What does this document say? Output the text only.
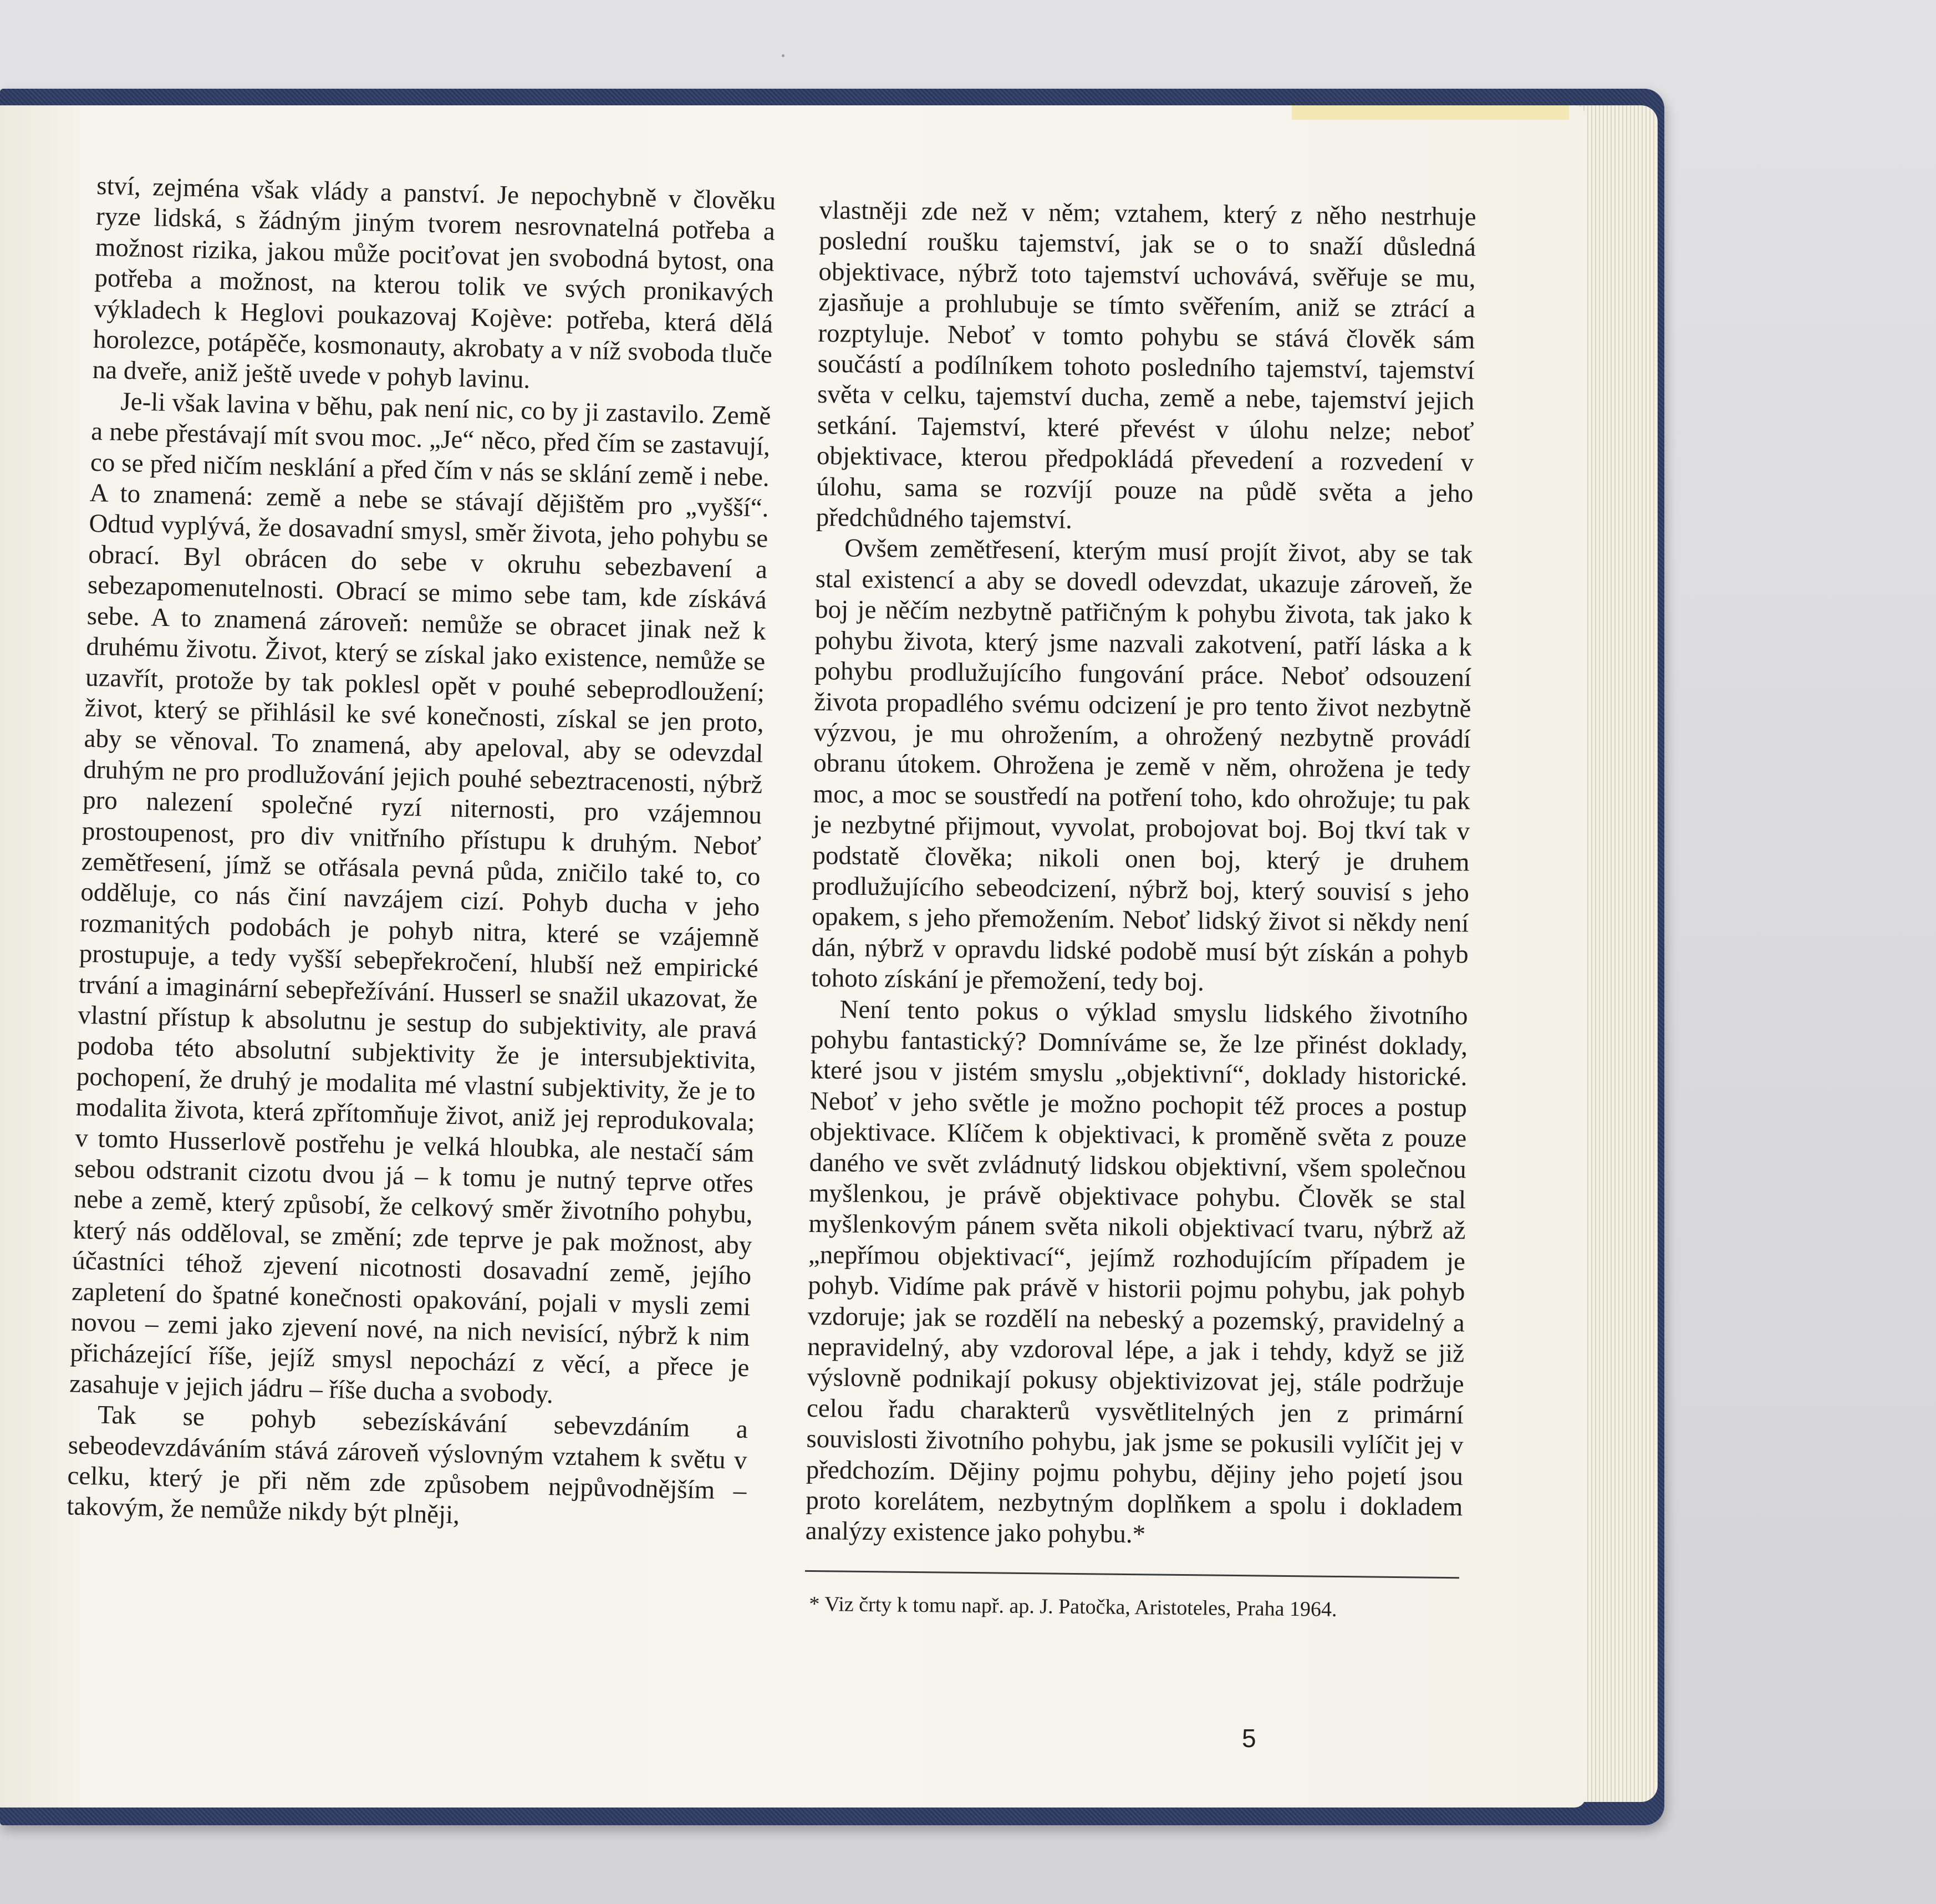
ství, zejména však vlády a panství. Je nepochybně v člověku ryze lidská, s žádným jiným tvorem nesrovnatelná potřeba a možnost rizika, jakou může pociťovat jen svobodná bytost, ona potřeba a možnost, na kterou tolik ve svých pronikavých výkladech k Heglovi poukazovaj Kojève: potřeba, která dělá horolezce, potápěče, kosmonauty, akrobaty a v níž svoboda tluče na dveře, aniž ještě uvede v pohyb lavinu.

Je-li však lavina v běhu, pak není nic, co by ji zastavilo. Země a nebe přestávají mít svou moc. „Je“ něco, před čím se zastavují, co se před ničím nesklání a před čím v nás se sklání země i nebe. A to znamená: země a nebe se stávají dějištěm pro „vyšší“. Odtud vyplývá, že dosavadní smysl, směr života, jeho pohybu se obrací. Byl obrácen do sebe v okruhu sebezbavení a sebezapomenutelnosti. Obrací se mimo sebe tam, kde získává sebe. A to znamená zároveň: nemůže se obracet jinak než k druhému životu. Život, který se získal jako existence, nemůže se uzavřít, protože by tak poklesl opět v pouhé sebeprodloužení; život, který se přihlásil ke své konečnosti, získal se jen proto, aby se věnoval. To znamená, aby apeloval, aby se odevzdal druhým ne pro prodlužování jejich pouhé sebeztracenosti, nýbrž pro nalezení společné ryzí niternosti, pro vzájemnou prostoupenost, pro div vnitřního přístupu k druhým. Neboť zemětřesení, jímž se otřásala pevná půda, zničilo také to, co odděluje, co nás činí navzájem cizí. Pohyb ducha v jeho rozmanitých podobách je pohyb nitra, které se vzájemně prostupuje, a tedy vyšší sebepřekročení, hlubší než empirické trvání a imaginární sebepřežívání. Husserl se snažil ukazovat, že vlastní přístup k absolutnu je sestup do subjektivity, ale pravá podoba této absolutní subjektivity že je intersubjektivita, pochopení, že druhý je modalita mé vlastní subjektivity, že je to modalita života, která zpřítomňuje život, aniž jej reprodukovala; v tomto Husserlově postřehu je velká hloubka, ale nestačí sám sebou odstranit cizotu dvou já – k tomu je nutný teprve otřes nebe a země, který způsobí, že celkový směr životního pohybu, který nás odděloval, se změní; zde teprve je pak možnost, aby účastníci téhož zjevení nicotnosti dosavadní země, jejího zapletení do špatné konečnosti opakování, pojali v mysli zemi novou – zemi jako zjevení nové, na nich nevisící, nýbrž k nim přicházející říše, jejíž smysl nepochází z věcí, a přece je zasahuje v jejich jádru – říše ducha a svobody.

Tak se pohyb sebezískávání sebevzdáním a sebeodevzdáváním stává zároveň výslovným vztahem k světu v celku, který je při něm zde způsobem nejpůvodnějším – takovým, že nemůže nikdy být plněji,

vlastněji zde než v něm; vztahem, který z něho nestrhuje poslední roušku tajemství, jak se o to snaží důsledná objektivace, nýbrž toto tajemství uchovává, svěřuje se mu, zjasňuje a prohlubuje se tímto svěřením, aniž se ztrácí a rozptyluje. Neboť v tomto pohybu se stává člověk sám součástí a podílníkem tohoto posledního tajemství, tajemství světa v celku, tajemství ducha, země a nebe, tajemství jejich setkání. Tajemství, které převést v úlohu nelze; neboť objektivace, kterou předpokládá převedení a rozvedení v úlohu, sama se rozvíjí pouze na půdě světa a jeho předchůdného tajemství.

Ovšem zemětřesení, kterým musí projít život, aby se tak stal existencí a aby se dovedl odevzdat, ukazuje zároveň, že boj je něčím nezbytně patřičným k pohybu života, tak jako k pohybu života, který jsme nazvali zakotvení, patří láska a k pohybu prodlužujícího fungování práce. Neboť odsouzení života propadlého svému odcizení je pro tento život nezbytně výzvou, je mu ohrožením, a ohrožený nezbytně provádí obranu útokem. Ohrožena je země v něm, ohrožena je tedy moc, a moc se soustředí na potření toho, kdo ohrožuje; tu pak je nezbytné přijmout, vyvolat, probojovat boj. Boj tkví tak v podstatě člověka; nikoli onen boj, který je druhem prodlužujícího sebeodcizení, nýbrž boj, který souvisí s jeho opakem, s jeho přemožením. Neboť lidský život si někdy není dán, nýbrž v opravdu lidské podobě musí být získán a pohyb tohoto získání je přemožení, tedy boj.

Není tento pokus o výklad smyslu lidského životního pohybu fantastický? Domníváme se, že lze přinést doklady, které jsou v jistém smyslu „objektivní“, doklady historické. Neboť v jeho světle je možno pochopit též proces a postup objektivace. Klíčem k objektivaci, k proměně světa z pouze daného ve svět zvládnutý lidskou objektivní, všem společnou myšlenkou, je právě objektivace pohybu. Člověk se stal myšlenkovým pánem světa nikoli objektivací tvaru, nýbrž až „nepřímou objektivací“, jejímž rozhodujícím případem je pohyb. Vidíme pak právě v historii pojmu pohybu, jak pohyb vzdoruje; jak se rozdělí na nebeský a pozemský, pravidelný a nepravidelný, aby vzdoroval lépe, a jak i tehdy, když se již výslovně podnikají pokusy objektivizovat jej, stále podržuje celou řadu charakterů vysvětlitelných jen z primární souvislosti životního pohybu, jak jsme se pokusili vylíčit jej v předchozím. Dějiny pojmu pohybu, dějiny jeho pojetí jsou proto korelátem, nezbytným doplňkem a spolu i dokladem analýzy existence jako pohybu.*

* Viz črty k tomu např. ap. J. Patočka, Aristoteles, Praha 1964.

5
